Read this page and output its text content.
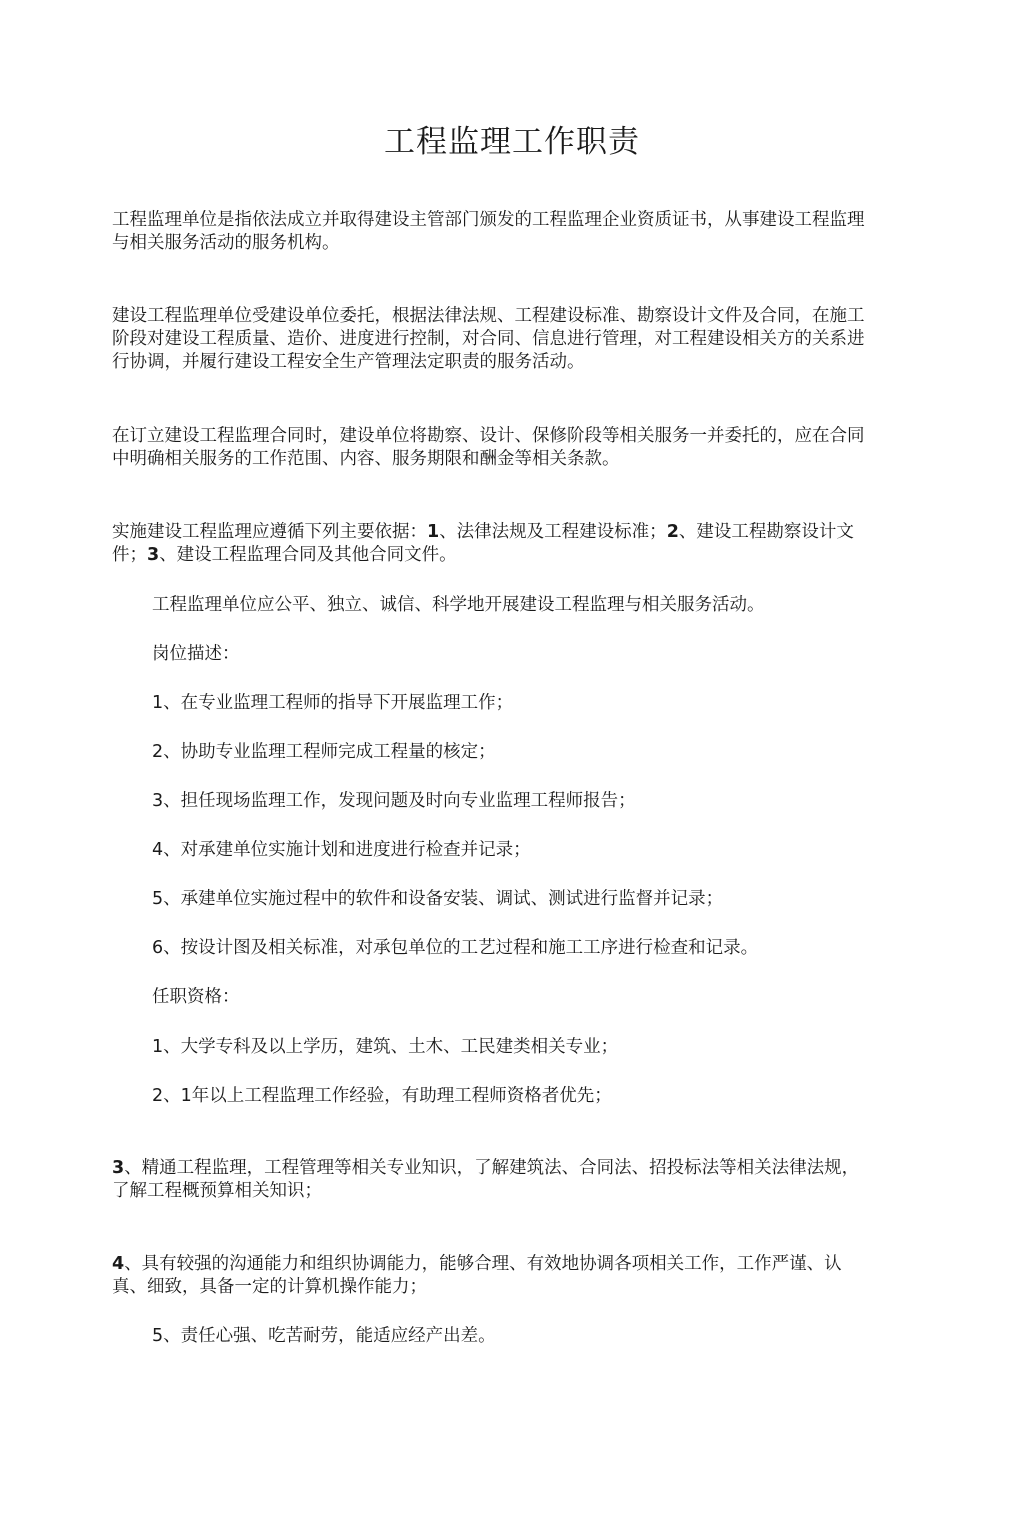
工程监理工作职责

工程监理单位是指依法成立并取得建设主管部门颁发的工程监理企业资质证书，从事建设工程监理与相关服务活动的服务机构。

建设工程监理单位受建设单位委托，根据法律法规、工程建设标准、勘察设计文件及合同，在施工阶段对建设工程质量、造价、进度进行控制，对合同、信息进行管理，对工程建设相关方的关系进行协调，并履行建设工程安全生产管理法定职责的服务活动。

在订立建设工程监理合同时，建设单位将勘察、设计、保修阶段等相关服务一并委托的，应在合同中明确相关服务的工作范围、内容、服务期限和酬金等相关条款。

实施建设工程监理应遵循下列主要依据：1、法律法规及工程建设标准；2、建设工程勘察设计文件；3、建设工程监理合同及其他合同文件。

工程监理单位应公平、独立、诚信、科学地开展建设工程监理与相关服务活动。

岗位描述：

1、在专业监理工程师的指导下开展监理工作；

2、协助专业监理工程师完成工程量的核定；

3、担任现场监理工作，发现问题及时向专业监理工程师报告；

4、对承建单位实施计划和进度进行检查并记录；

5、承建单位实施过程中的软件和设备安装、调试、测试进行监督并记录；

6、按设计图及相关标准，对承包单位的工艺过程和施工工序进行检查和记录。

任职资格：

1、大学专科及以上学历，建筑、土木、工民建类相关专业；

2、1年以上工程监理工作经验，有助理工程师资格者优先；

3、精通工程监理，工程管理等相关专业知识，了解建筑法、合同法、招投标法等相关法律法规，了解工程概预算相关知识；

4、具有较强的沟通能力和组织协调能力，能够合理、有效地协调各项相关工作，工作严谨、认真、细致，具备一定的计算机操作能力；

5、责任心强、吃苦耐劳，能适应经产出差。
